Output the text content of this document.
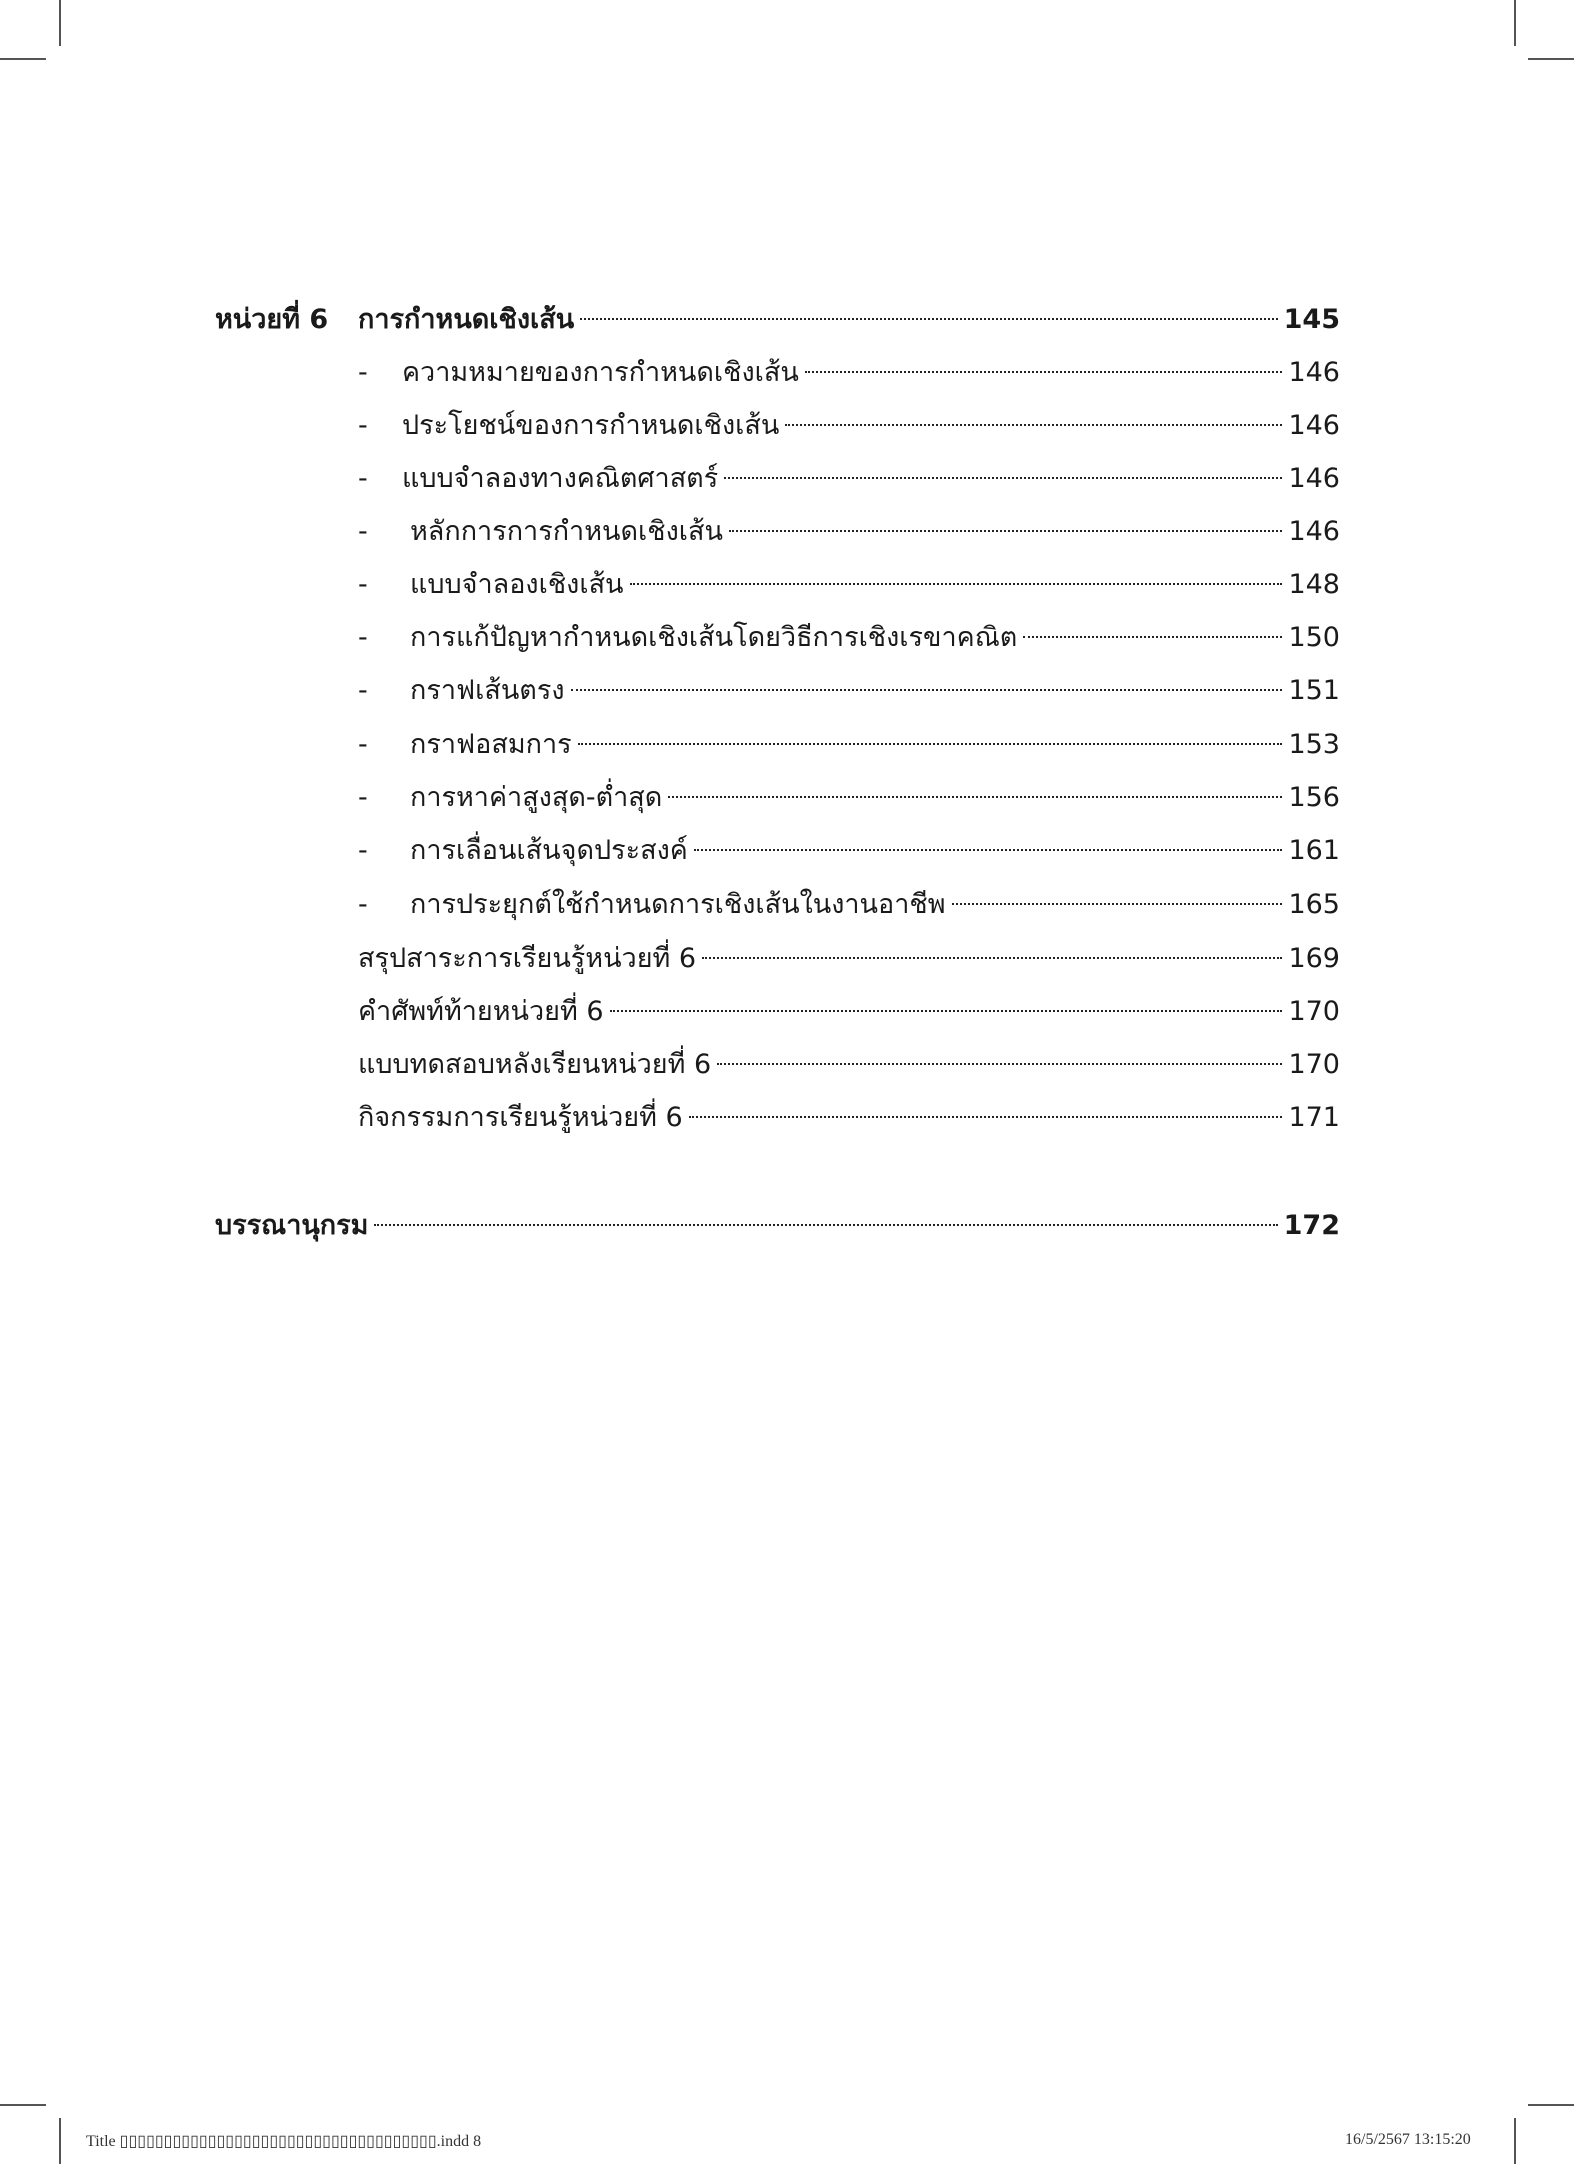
หน่วยที่ 6	การกำหนดเชิงเส้น	145
-	ความหมายของการกำหนดเชิงเส้น	146
-	ประโยชน์ของการกำหนดเชิงเส้น	146
-	แบบจำลองทางคณิตศาสตร์	146
-	หลักการการกำหนดเชิงเส้น	146
-	แบบจำลองเชิงเส้น	148
-	การแก้ปัญหากำหนดเชิงเส้นโดยวิธีการเชิงเรขาคณิต	150
-	กราฟเส้นตรง	151
-	กราฟอสมการ	153
-	การหาค่าสูงสุด-ต่ำสุด	156
-	การเลื่อนเส้นจุดประสงค์	161
-	การประยุกต์ใช้กำหนดการเชิงเส้นในงานอาชีพ	165
สรุปสาระการเรียนรู้หน่วยที่ 6	169
คำศัพท์ท้ายหน่วยที่ 6	170
แบบทดสอบหลังเรียนหน่วยที่ 6	170
กิจกรรมการเรียนรู้หน่วยที่ 6	171
บรรณานุกรม	172
Title ▯▯▯▯▯▯▯▯▯▯▯▯▯▯▯▯▯▯▯▯▯▯▯▯▯▯▯▯▯▯▯▯▯▯▯▯.indd 8	16/5/2567 13:15:20
